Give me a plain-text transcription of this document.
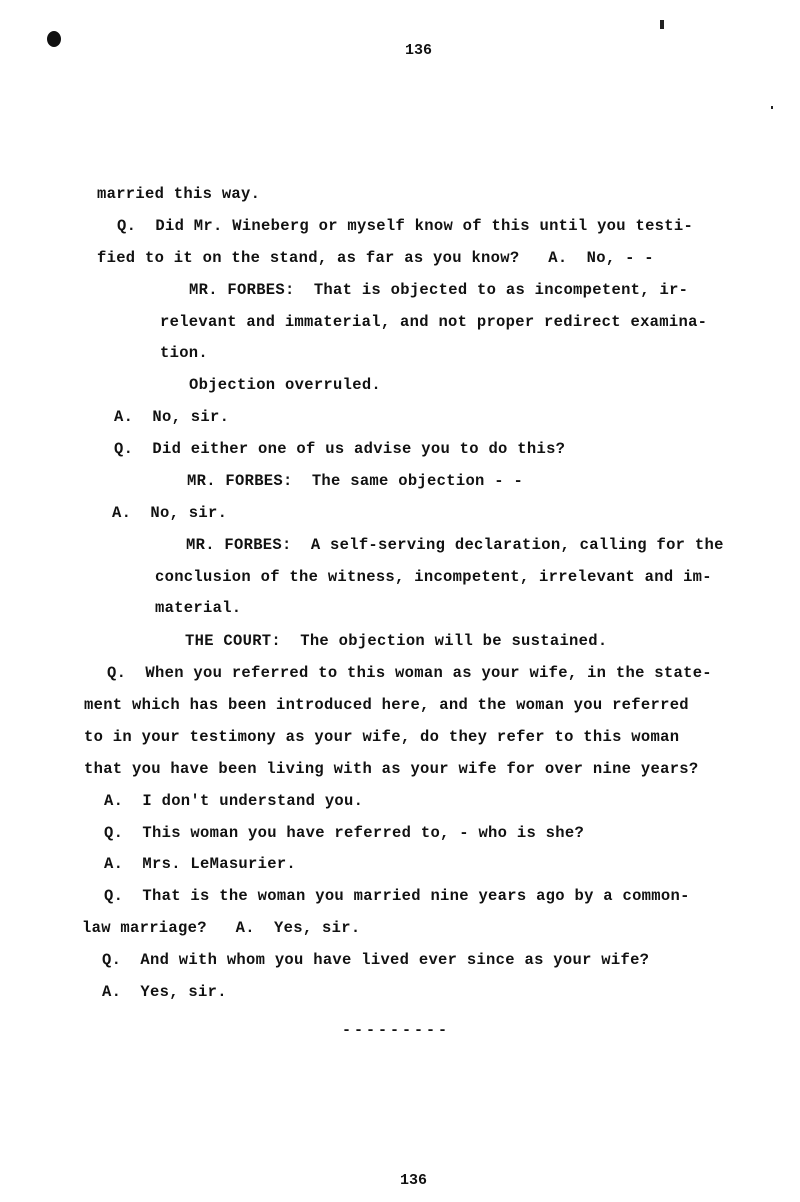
136
married this way.
Q.  Did Mr. Wineberg or myself know of this until you testi-
fied to it on the stand, as far as you know?   A.  No, - -
MR. FORBES:  That is objected to as incompetent, ir-
relevant and immaterial, and not proper redirect examina-
tion.
Objection overruled.
A.  No, sir.
Q.  Did either one of us advise you to do this?
MR. FORBES:  The same objection - -
A.  No, sir.
MR. FORBES:  A self-serving declaration, calling for the
conclusion of the witness, incompetent, irrelevant and im-
material.
THE COURT:  The objection will be sustained.
Q.  When you referred to this woman as your wife, in the state-
ment which has been introduced here, and the woman you referred
to in your testimony as your wife, do they refer to this woman
that you have been living with as your wife for over nine years?
A.  I don't understand you.
Q.  This woman you have referred to, - who is she?
A.  Mrs. LeMasurier.
Q.  That is the woman you married nine years ago by a common-
law marriage?   A.  Yes, sir.
Q.  And with whom you have lived ever since as your wife?
A.  Yes, sir.
---------
136
